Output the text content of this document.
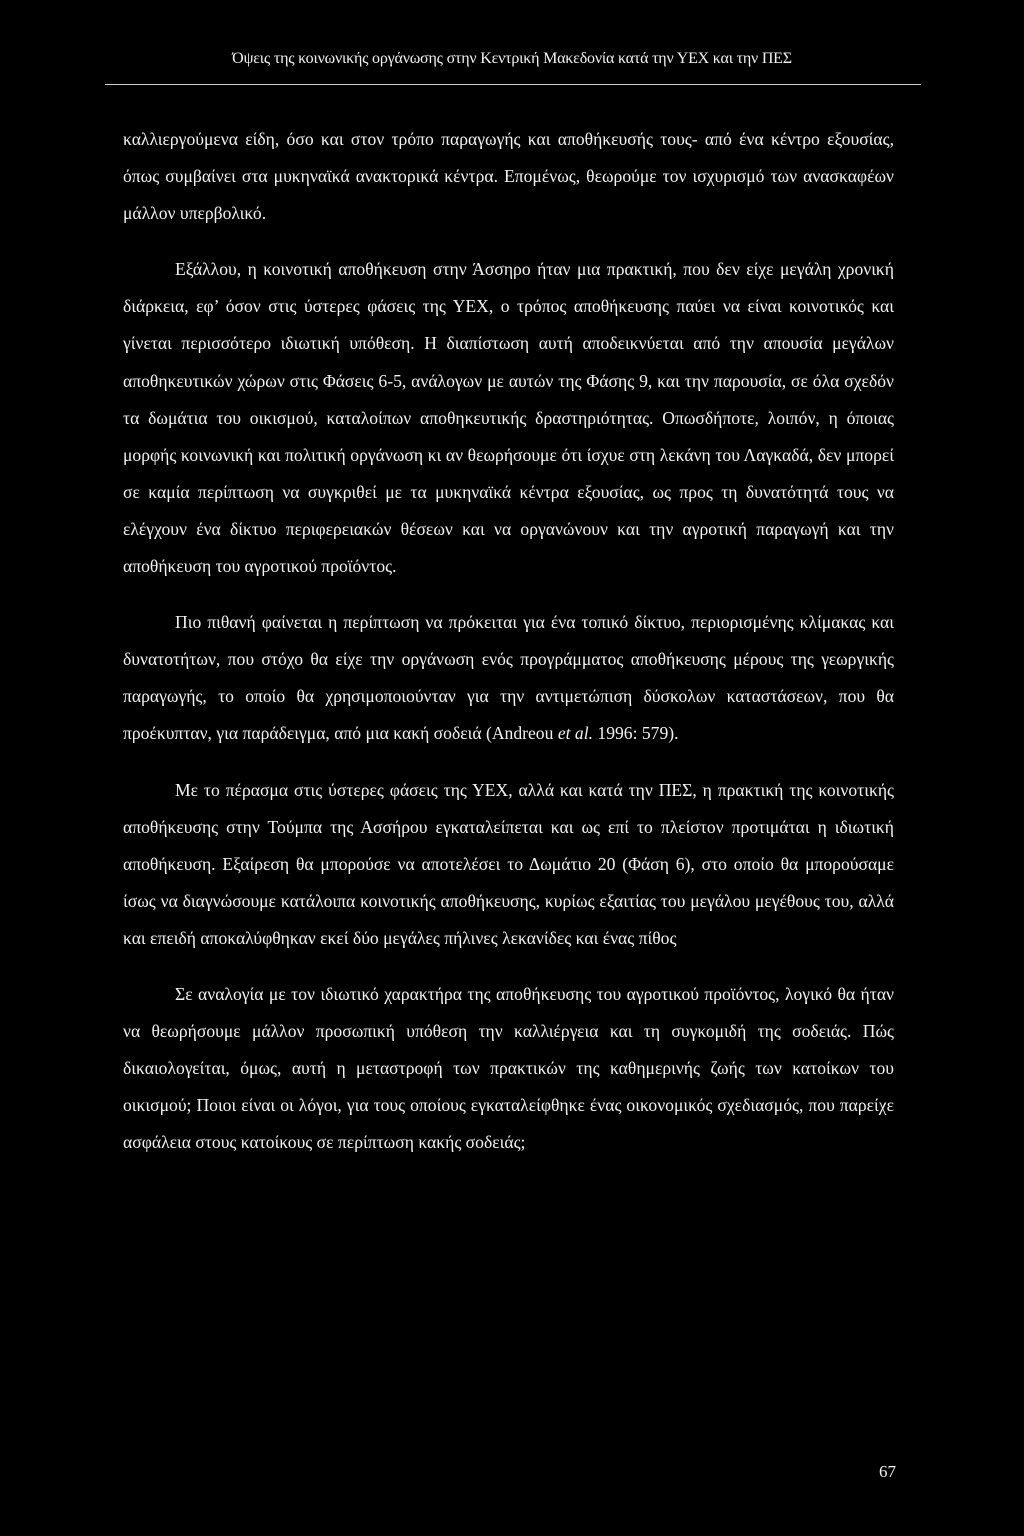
Όψεις της κοινωνικής οργάνωσης στην Κεντρική Μακεδονία κατά την ΥΕΧ και την ΠΕΣ

καλλιεργούμενα είδη, όσο και στον τρόπο παραγωγής και αποθήκευσής τους- από ένα κέντρο εξουσίας, όπως συμβαίνει στα μυκηναϊκά ανακτορικά κέντρα. Επομένως, θεωρούμε τον ισχυρισμό των ανασκαφέων μάλλον υπερβολικό.

Εξάλλου, η κοινοτική αποθήκευση στην Άσσηρο ήταν μια πρακτική, που δεν είχε μεγάλη χρονική διάρκεια, εφ’ όσον στις ύστερες φάσεις της ΥΕΧ, ο τρόπος αποθήκευσης παύει να είναι κοινοτικός και γίνεται περισσότερο ιδιωτική υπόθεση. Η διαπίστωση αυτή αποδεικνύεται από την απουσία μεγάλων αποθηκευτικών χώρων στις Φάσεις 6-5, ανάλογων με αυτών της Φάσης 9, και την παρουσία, σε όλα σχεδόν τα δωμάτια του οικισμού, καταλοίπων αποθηκευτικής δραστηριότητας. Οπωσδήποτε, λοιπόν, η όποιας μορφής κοινωνική και πολιτική οργάνωση κι αν θεωρήσουμε ότι ίσχυε στη λεκάνη του Λαγκαδά, δεν μπορεί σε καμία περίπτωση να συγκριθεί με τα μυκηναϊκά κέντρα εξουσίας, ως προς τη δυνατότητά τους να ελέγχουν ένα δίκτυο περιφερειακών θέσεων και να οργανώνουν και την αγροτική παραγωγή και την αποθήκευση του αγροτικού προϊόντος.

Πιο πιθανή φαίνεται η περίπτωση να πρόκειται για ένα τοπικό δίκτυο, περιορισμένης κλίμακας και δυνατοτήτων, που στόχο θα είχε την οργάνωση ενός προγράμματος αποθήκευσης μέρους της γεωργικής παραγωγής, το οποίο θα χρησιμοποιούνταν για την αντιμετώπιση δύσκολων καταστάσεων, που θα προέκυπταν, για παράδειγμα, από μια κακή σοδειά (Andreou et al. 1996: 579).

Με το πέρασμα στις ύστερες φάσεις της ΥΕΧ, αλλά και κατά την ΠΕΣ, η πρακτική της κοινοτικής αποθήκευσης στην Τούμπα της Ασσήρου εγκαταλείπεται και ως επί το πλείστον προτιμάται η ιδιωτική αποθήκευση. Εξαίρεση θα μπορούσε να αποτελέσει το Δωμάτιο 20 (Φάση 6), στο οποίο θα μπορούσαμε ίσως να διαγνώσουμε κατάλοιπα κοινοτικής αποθήκευσης, κυρίως εξαιτίας του μεγάλου μεγέθους του, αλλά και επειδή αποκαλύφθηκαν εκεί δύο μεγάλες πήλινες λεκανίδες και ένας πίθος

Σε αναλογία με τον ιδιωτικό χαρακτήρα της αποθήκευσης του αγροτικού προϊόντος, λογικό θα ήταν να θεωρήσουμε μάλλον προσωπική υπόθεση την καλλιέργεια και τη συγκομιδή της σοδειάς. Πώς δικαιολογείται, όμως, αυτή η μεταστροφή των πρακτικών της καθημερινής ζωής των κατοίκων του οικισμού; Ποιοι είναι οι λόγοι, για τους οποίους εγκαταλείφθηκε ένας οικονομικός σχεδιασμός, που παρείχε ασφάλεια στους κατοίκους σε περίπτωση κακής σοδειάς;

67
